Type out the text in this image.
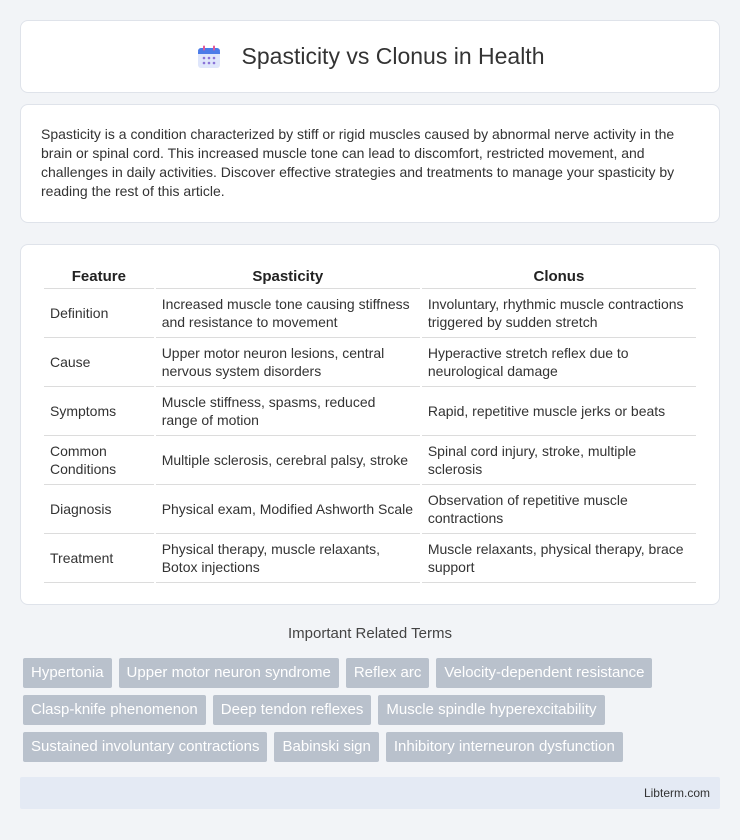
Spasticity vs Clonus in Health

Spasticity is a condition characterized by stiff or rigid muscles caused by abnormal nerve activity in the brain or spinal cord. This increased muscle tone can lead to discomfort, restricted movement, and challenges in daily activities. Discover effective strategies and treatments to manage your spasticity by reading the rest of this article.

Feature	Spasticity	Clonus
Definition	Increased muscle tone causing stiffness and resistance to movement	Involuntary, rhythmic muscle contractions triggered by sudden stretch
Cause	Upper motor neuron lesions, central nervous system disorders	Hyperactive stretch reflex due to neurological damage
Symptoms	Muscle stiffness, spasms, reduced range of motion	Rapid, repetitive muscle jerks or beats
Common Conditions	Multiple sclerosis, cerebral palsy, stroke	Spinal cord injury, stroke, multiple sclerosis
Diagnosis	Physical exam, Modified Ashworth Scale	Observation of repetitive muscle contractions
Treatment	Physical therapy, muscle relaxants, Botox injections	Muscle relaxants, physical therapy, brace support
Important Related Terms
Hypertonia	Upper motor neuron syndrome	Reflex arc	Velocity-dependent resistance
Clasp-knife phenomenon	Deep tendon reflexes	Muscle spindle hyperexcitability
Sustained involuntary contractions	Babinski sign	Inhibitory interneuron dysfunction
Libterm.com
